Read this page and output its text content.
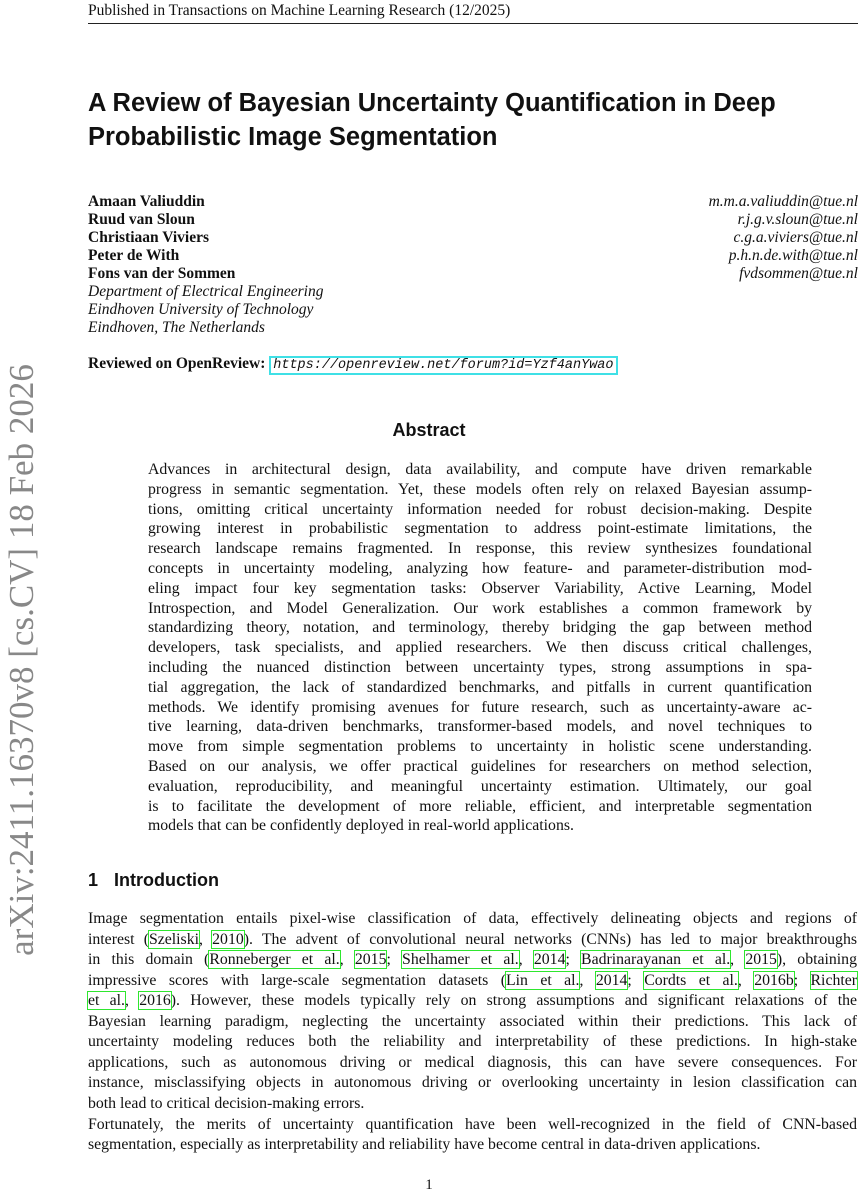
Published in Transactions on Machine Learning Research (12/2025)
arXiv:2411.16370v8 [cs.CV] 18 Feb 2026
A Review of Bayesian Uncertainty Quantification in Deep
Probabilistic Image Segmentation
Amaan Valiuddin	m.m.a.valiuddin@tue.nl
Ruud van Sloun	r.j.g.v.sloun@tue.nl
Christiaan Viviers	c.g.a.viviers@tue.nl
Peter de With	p.h.n.de.with@tue.nl
Fons van der Sommen	fvdsommen@tue.nl
Department of Electrical Engineering
Eindhoven University of Technology
Eindhoven, The Netherlands
Reviewed on OpenReview: https://openreview.net/forum?id=Yzf4anYwao
Abstract
Advances in architectural design, data availability, and compute have driven remarkable
progress in semantic segmentation. Yet, these models often rely on relaxed Bayesian assump-
tions, omitting critical uncertainty information needed for robust decision-making. Despite
growing interest in probabilistic segmentation to address point-estimate limitations, the
research landscape remains fragmented. In response, this review synthesizes foundational
concepts in uncertainty modeling, analyzing how feature- and parameter-distribution mod-
eling impact four key segmentation tasks: Observer Variability, Active Learning, Model
Introspection, and Model Generalization. Our work establishes a common framework by
standardizing theory, notation, and terminology, thereby bridging the gap between method
developers, task specialists, and applied researchers. We then discuss critical challenges,
including the nuanced distinction between uncertainty types, strong assumptions in spa-
tial aggregation, the lack of standardized benchmarks, and pitfalls in current quantification
methods. We identify promising avenues for future research, such as uncertainty-aware ac-
tive learning, data-driven benchmarks, transformer-based models, and novel techniques to
move from simple segmentation problems to uncertainty in holistic scene understanding.
Based on our analysis, we offer practical guidelines for researchers on method selection,
evaluation, reproducibility, and meaningful uncertainty estimation. Ultimately, our goal
is to facilitate the development of more reliable, efficient, and interpretable segmentation
models that can be confidently deployed in real-world applications.
1 Introduction
Image segmentation entails pixel-wise classification of data, effectively delineating objects and regions of
interest (Szeliski, 2010). The advent of convolutional neural networks (CNNs) has led to major breakthroughs
in this domain (Ronneberger et al., 2015; Shelhamer et al., 2014; Badrinarayanan et al., 2015), obtaining
impressive scores with large-scale segmentation datasets (Lin et al., 2014; Cordts et al., 2016b; Richter
et al., 2016). However, these models typically rely on strong assumptions and significant relaxations of the
Bayesian learning paradigm, neglecting the uncertainty associated within their predictions. This lack of
uncertainty modeling reduces both the reliability and interpretability of these predictions. In high-stake
applications, such as autonomous driving or medical diagnosis, this can have severe consequences. For
instance, misclassifying objects in autonomous driving or overlooking uncertainty in lesion classification can
both lead to critical decision-making errors.
Fortunately, the merits of uncertainty quantification have been well-recognized in the field of CNN-based
segmentation, especially as interpretability and reliability have become central in data-driven applications.
1
